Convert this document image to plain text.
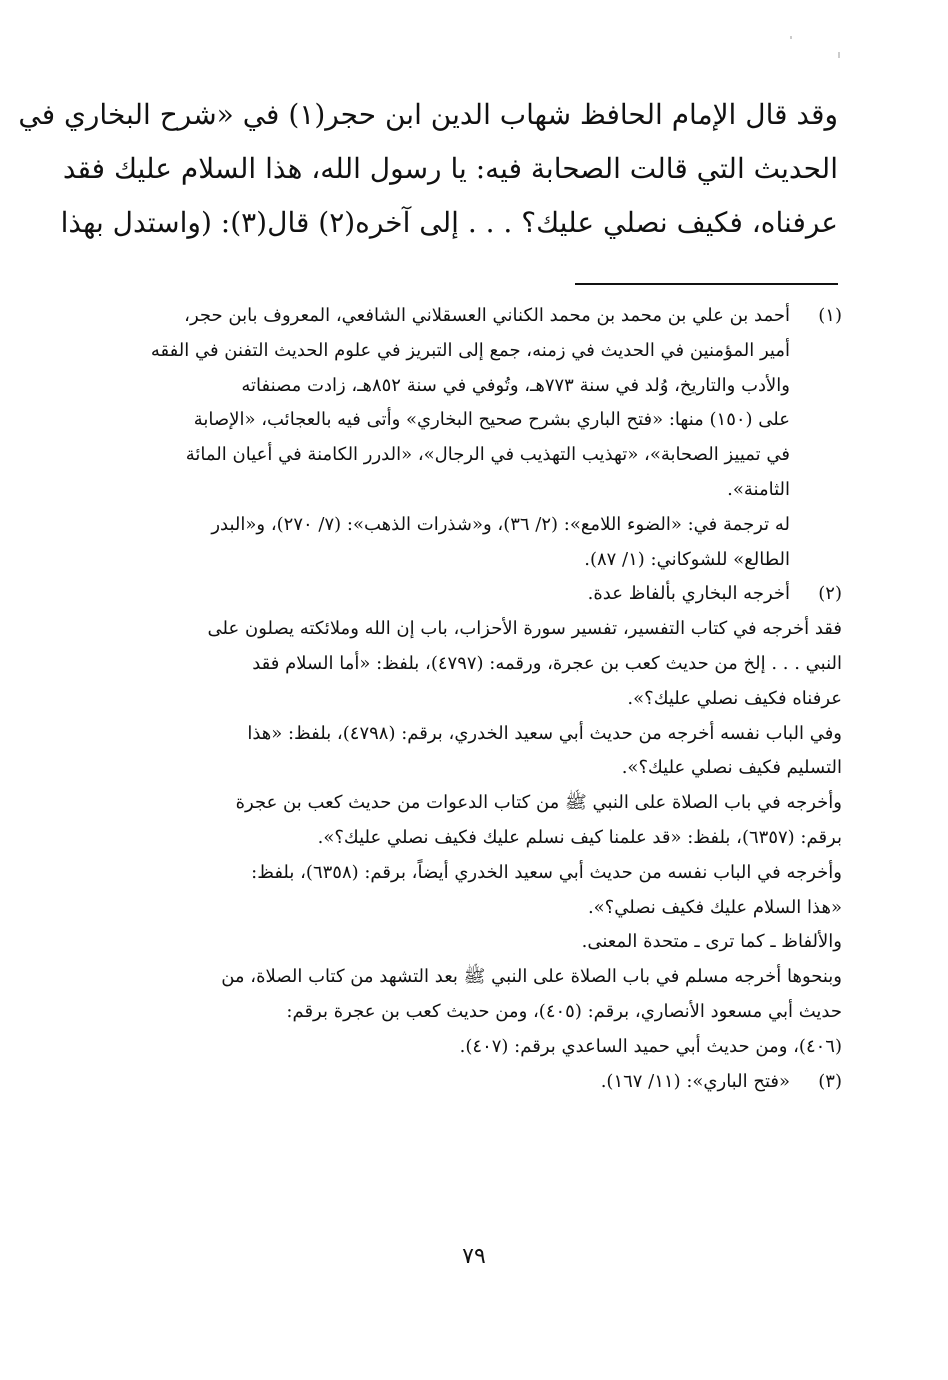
وقد قال الإمام الحافظ شهاب الدين ابن حجر(١) في «شرح البخاري في
الحديث التي قالت الصحابة فيه: يا رسول الله، هذا السلام عليك فقد
عرفناه، فكيف نصلي عليك؟ . . . إلى آخره(٢) قال(٣): (واستدل بهذا
(١)
أحمد بن علي بن محمد بن محمد الكناني العسقلاني الشافعي، المعروف بابن حجر،
أمير المؤمنين في الحديث في زمنه، جمع إلى التبريز في علوم الحديث التفنن في الفقه
والأدب والتاريخ، وُلد في سنة ٧٧٣هـ، وتُوفي في سنة ٨٥٢هـ، زادت مصنفاته
على (١٥٠) منها: «فتح الباري بشرح صحيح البخاري» وأتى فيه بالعجائب، «الإصابة
في تمييز الصحابة»، «تهذيب التهذيب في الرجال»، «الدرر الكامنة في أعيان المائة
الثامنة».
له ترجمة في: «الضوء اللامع»: (٢/ ٣٦)، و«شذرات الذهب»: (٧/ ٢٧٠)، و«البدر
الطالع» للشوكاني: (١/ ٨٧).
(٢)
أخرجه البخاري بألفاظ عدة.
فقد أخرجه في كتاب التفسير، تفسير سورة الأحزاب، باب إن الله وملائكته يصلون على
النبي . . . إلخ من حديث كعب بن عجرة، ورقمه: (٤٧٩٧)، بلفظ: «أما السلام فقد
عرفناه فكيف نصلي عليك؟».
وفي الباب نفسه أخرجه من حديث أبي سعيد الخدري، برقم: (٤٧٩٨)، بلفظ: «هذا
التسليم فكيف نصلي عليك؟».
وأخرجه في باب الصلاة على النبي ﷺ من كتاب الدعوات من حديث كعب بن عجرة
برقم: (٦٣٥٧)، بلفظ: «قد علمنا كيف نسلم عليك فكيف نصلي عليك؟».
وأخرجه في الباب نفسه من حديث أبي سعيد الخدري أيضاً، برقم: (٦٣٥٨)، بلفظ:
«هذا السلام عليك فكيف نصلي؟».
والألفاظ ـ كما ترى ـ متحدة المعنى.
وبنحوها أخرجه مسلم في باب الصلاة على النبي ﷺ بعد التشهد من كتاب الصلاة، من
حديث أبي مسعود الأنصاري، برقم: (٤٠٥)، ومن حديث كعب بن عجرة برقم:
(٤٠٦)، ومن حديث أبي حميد الساعدي برقم: (٤٠٧).
(٣)
«فتح الباري»: (١١/ ١٦٧).
٧٩
